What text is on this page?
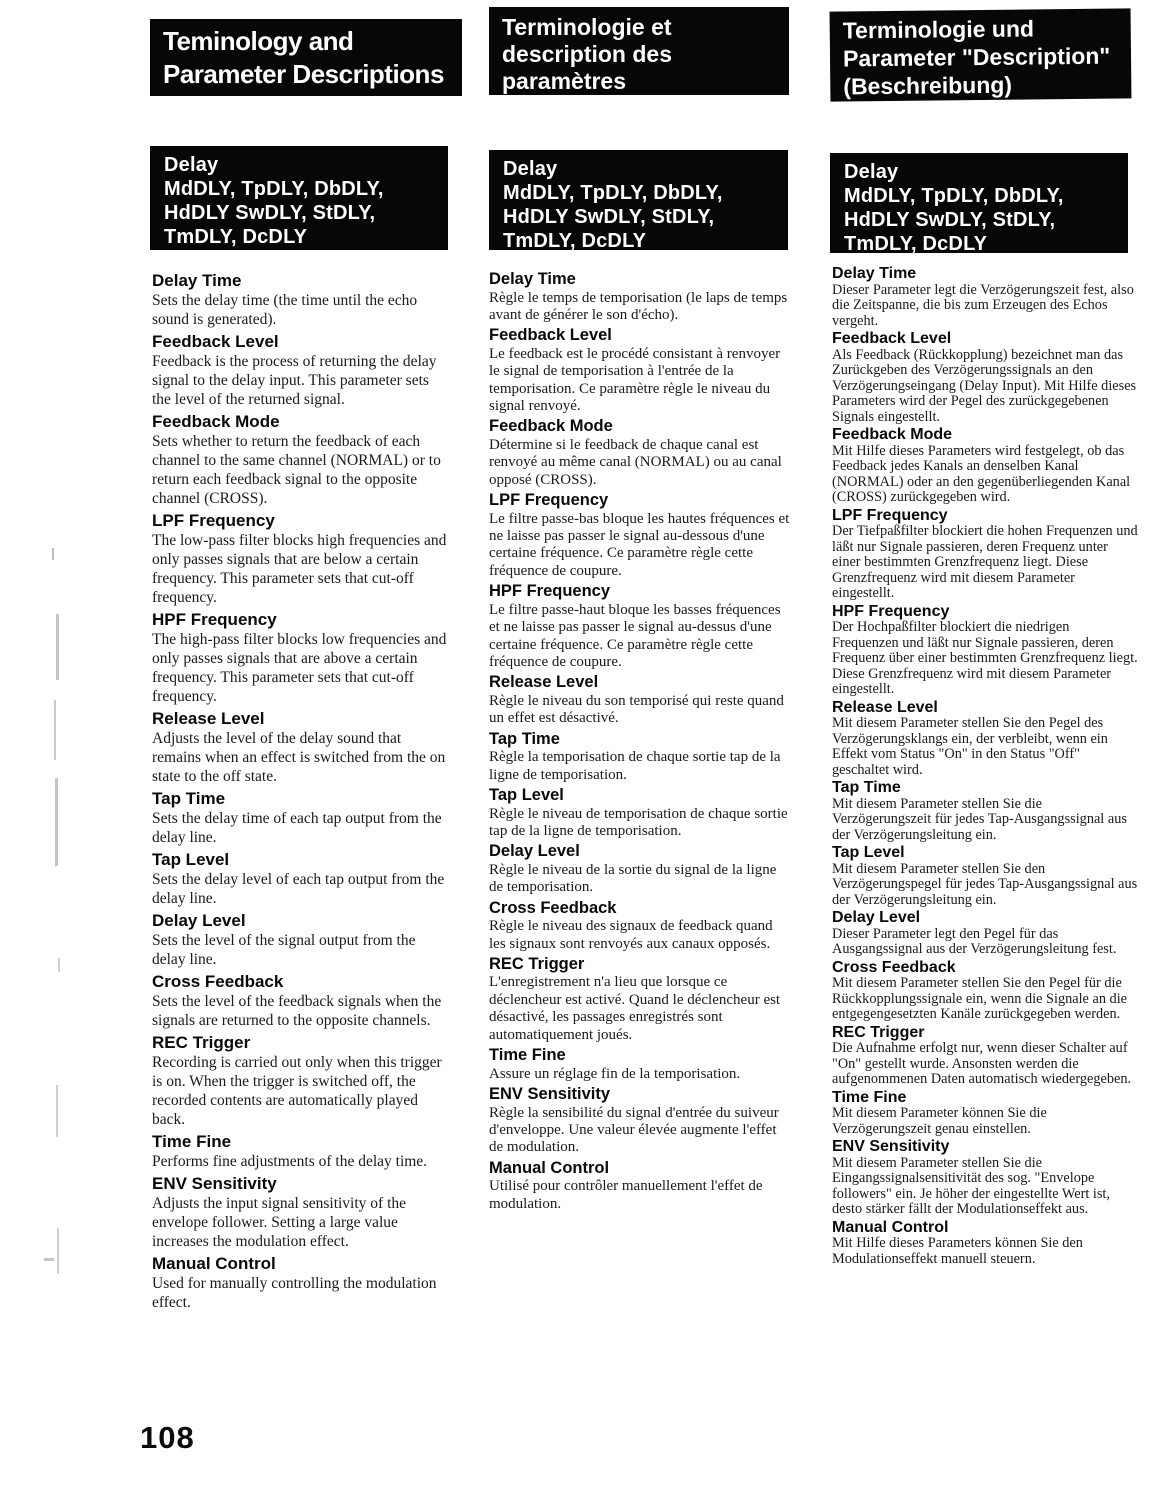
Teminology and
Parameter Descriptions
Terminologie et
description des
paramètres
Terminologie und
Parameter "Description"
(Beschreibung)
Delay
MdDLY, TpDLY, DbDLY,
HdDLY SwDLY, StDLY,
TmDLY, DcDLY
Delay
MdDLY, TpDLY, DbDLY,
HdDLY SwDLY, StDLY,
TmDLY, DcDLY
Delay
MdDLY, TpDLY, DbDLY,
HdDLY SwDLY, StDLY,
TmDLY, DcDLY
Delay Time
Sets the delay time (the time until the echo sound is generated).
Feedback Level
Feedback is the process of returning the delay signal to the delay input. This parameter sets the level of the returned signal.
Feedback Mode
Sets whether to return the feedback of each channel to the same channel (NORMAL) or to return each feedback signal to the opposite channel (CROSS).
LPF Frequency
The low-pass filter blocks high frequencies and only passes signals that are below a certain frequency. This parameter sets that cut-off frequency.
HPF Frequency
The high-pass filter blocks low frequencies and only passes signals that are above a certain frequency. This parameter sets that cut-off frequency.
Release Level
Adjusts the level of the delay sound that remains when an effect is switched from the on state to the off state.
Tap Time
Sets the delay time of each tap output from the delay line.
Tap Level
Sets the delay level of each tap output from the delay line.
Delay Level
Sets the level of the signal output from the delay line.
Cross Feedback
Sets the level of the feedback signals when the signals are returned to the opposite channels.
REC Trigger
Recording is carried out only when this trigger is on. When the trigger is switched off, the recorded contents are automatically played back.
Time Fine
Performs fine adjustments of the delay time.
ENV Sensitivity
Adjusts the input signal sensitivity of the envelope follower. Setting a large value increases the modulation effect.
Manual Control
Used for manually controlling the modulation effect.
Delay Time
Règle le temps de temporisation (le laps de temps avant de générer le son d'écho).
Feedback Level
Le feedback est le procédé consistant à renvoyer le signal de temporisation à l'entrée de la temporisation. Ce paramètre règle le niveau du signal renvoyé.
Feedback Mode
Détermine si le feedback de chaque canal est renvoyé au même canal (NORMAL) ou au canal opposé (CROSS).
LPF Frequency
Le filtre passe-bas bloque les hautes fréquences et ne laisse pas passer le signal au-dessous d'une certaine fréquence. Ce paramètre règle cette fréquence de coupure.
HPF Frequency
Le filtre passe-haut bloque les basses fréquences et ne laisse pas passer le signal au-dessus d'une certaine fréquence. Ce paramètre règle cette fréquence de coupure.
Release Level
Règle le niveau du son temporisé qui reste quand un effet est désactivé.
Tap Time
Règle la temporisation de chaque sortie tap de la ligne de temporisation.
Tap Level
Règle le niveau de temporisation de chaque sortie tap de la ligne de temporisation.
Delay Level
Règle le niveau de la sortie du signal de la ligne de temporisation.
Cross Feedback
Règle le niveau des signaux de feedback quand les signaux sont renvoyés aux canaux opposés.
REC Trigger
L'enregistrement n'a lieu que lorsque ce déclencheur est activé. Quand le déclencheur est désactivé, les passages enregistrés sont automatiquement joués.
Time Fine
Assure un réglage fin de la temporisation.
ENV Sensitivity
Règle la sensibilité du signal d'entrée du suiveur d'enveloppe. Une valeur élevée augmente l'effet de modulation.
Manual Control
Utilisé pour contrôler manuellement l'effet de modulation.
Delay Time
Dieser Parameter legt die Verzögerungszeit fest, also die Zeitspanne, die bis zum Erzeugen des Echos vergeht.
Feedback Level
Als Feedback (Rückkopplung) bezeichnet man das Zurückgeben des Verzögerungssignals an den Verzögerungseingang (Delay Input). Mit Hilfe dieses Parameters wird der Pegel des zurückgegebenen Signals eingestellt.
Feedback Mode
Mit Hilfe dieses Parameters wird festgelegt, ob das Feedback jedes Kanals an denselben Kanal (NORMAL) oder an den gegenüberliegenden Kanal (CROSS) zurückgegeben wird.
LPF Frequency
Der Tiefpaßfilter blockiert die hohen Frequenzen und läßt nur Signale passieren, deren Frequenz unter einer bestimmten Grenzfrequenz liegt. Diese Grenzfrequenz wird mit diesem Parameter eingestellt.
HPF Frequency
Der Hochpaßfilter blockiert die niedrigen Frequenzen und läßt nur Signale passieren, deren Frequenz über einer bestimmten Grenzfrequenz liegt. Diese Grenzfrequenz wird mit diesem Parameter eingestellt.
Release Level
Mit diesem Parameter stellen Sie den Pegel des Verzögerungsklangs ein, der verbleibt, wenn ein Effekt vom Status "On" in den Status "Off" geschaltet wird.
Tap Time
Mit diesem Parameter stellen Sie die Verzögerungszeit für jedes Tap-Ausgangssignal aus der Verzögerungsleitung ein.
Tap Level
Mit diesem Parameter stellen Sie den Verzögerungspegel für jedes Tap-Ausgangssignal aus der Verzögerungsleitung ein.
Delay Level
Dieser Parameter legt den Pegel für das Ausgangssignal aus der Verzögerungsleitung fest.
Cross Feedback
Mit diesem Parameter stellen Sie den Pegel für die Rückkopplungssignale ein, wenn die Signale an die entgegengesetzten Kanäle zurückgegeben werden.
REC Trigger
Die Aufnahme erfolgt nur, wenn dieser Schalter auf "On" gestellt wurde. Ansonsten werden die aufgenommenen Daten automatisch wiedergegeben.
Time Fine
Mit diesem Parameter können Sie die Verzögerungszeit genau einstellen.
ENV Sensitivity
Mit diesem Parameter stellen Sie die Eingangssignalsensitivität des sog. "Envelope followers" ein. Je höher der eingestellte Wert ist, desto stärker fällt der Modulationseffekt aus.
Manual Control
Mit Hilfe dieses Parameters können Sie den Modulationseffekt manuell steuern.
108
